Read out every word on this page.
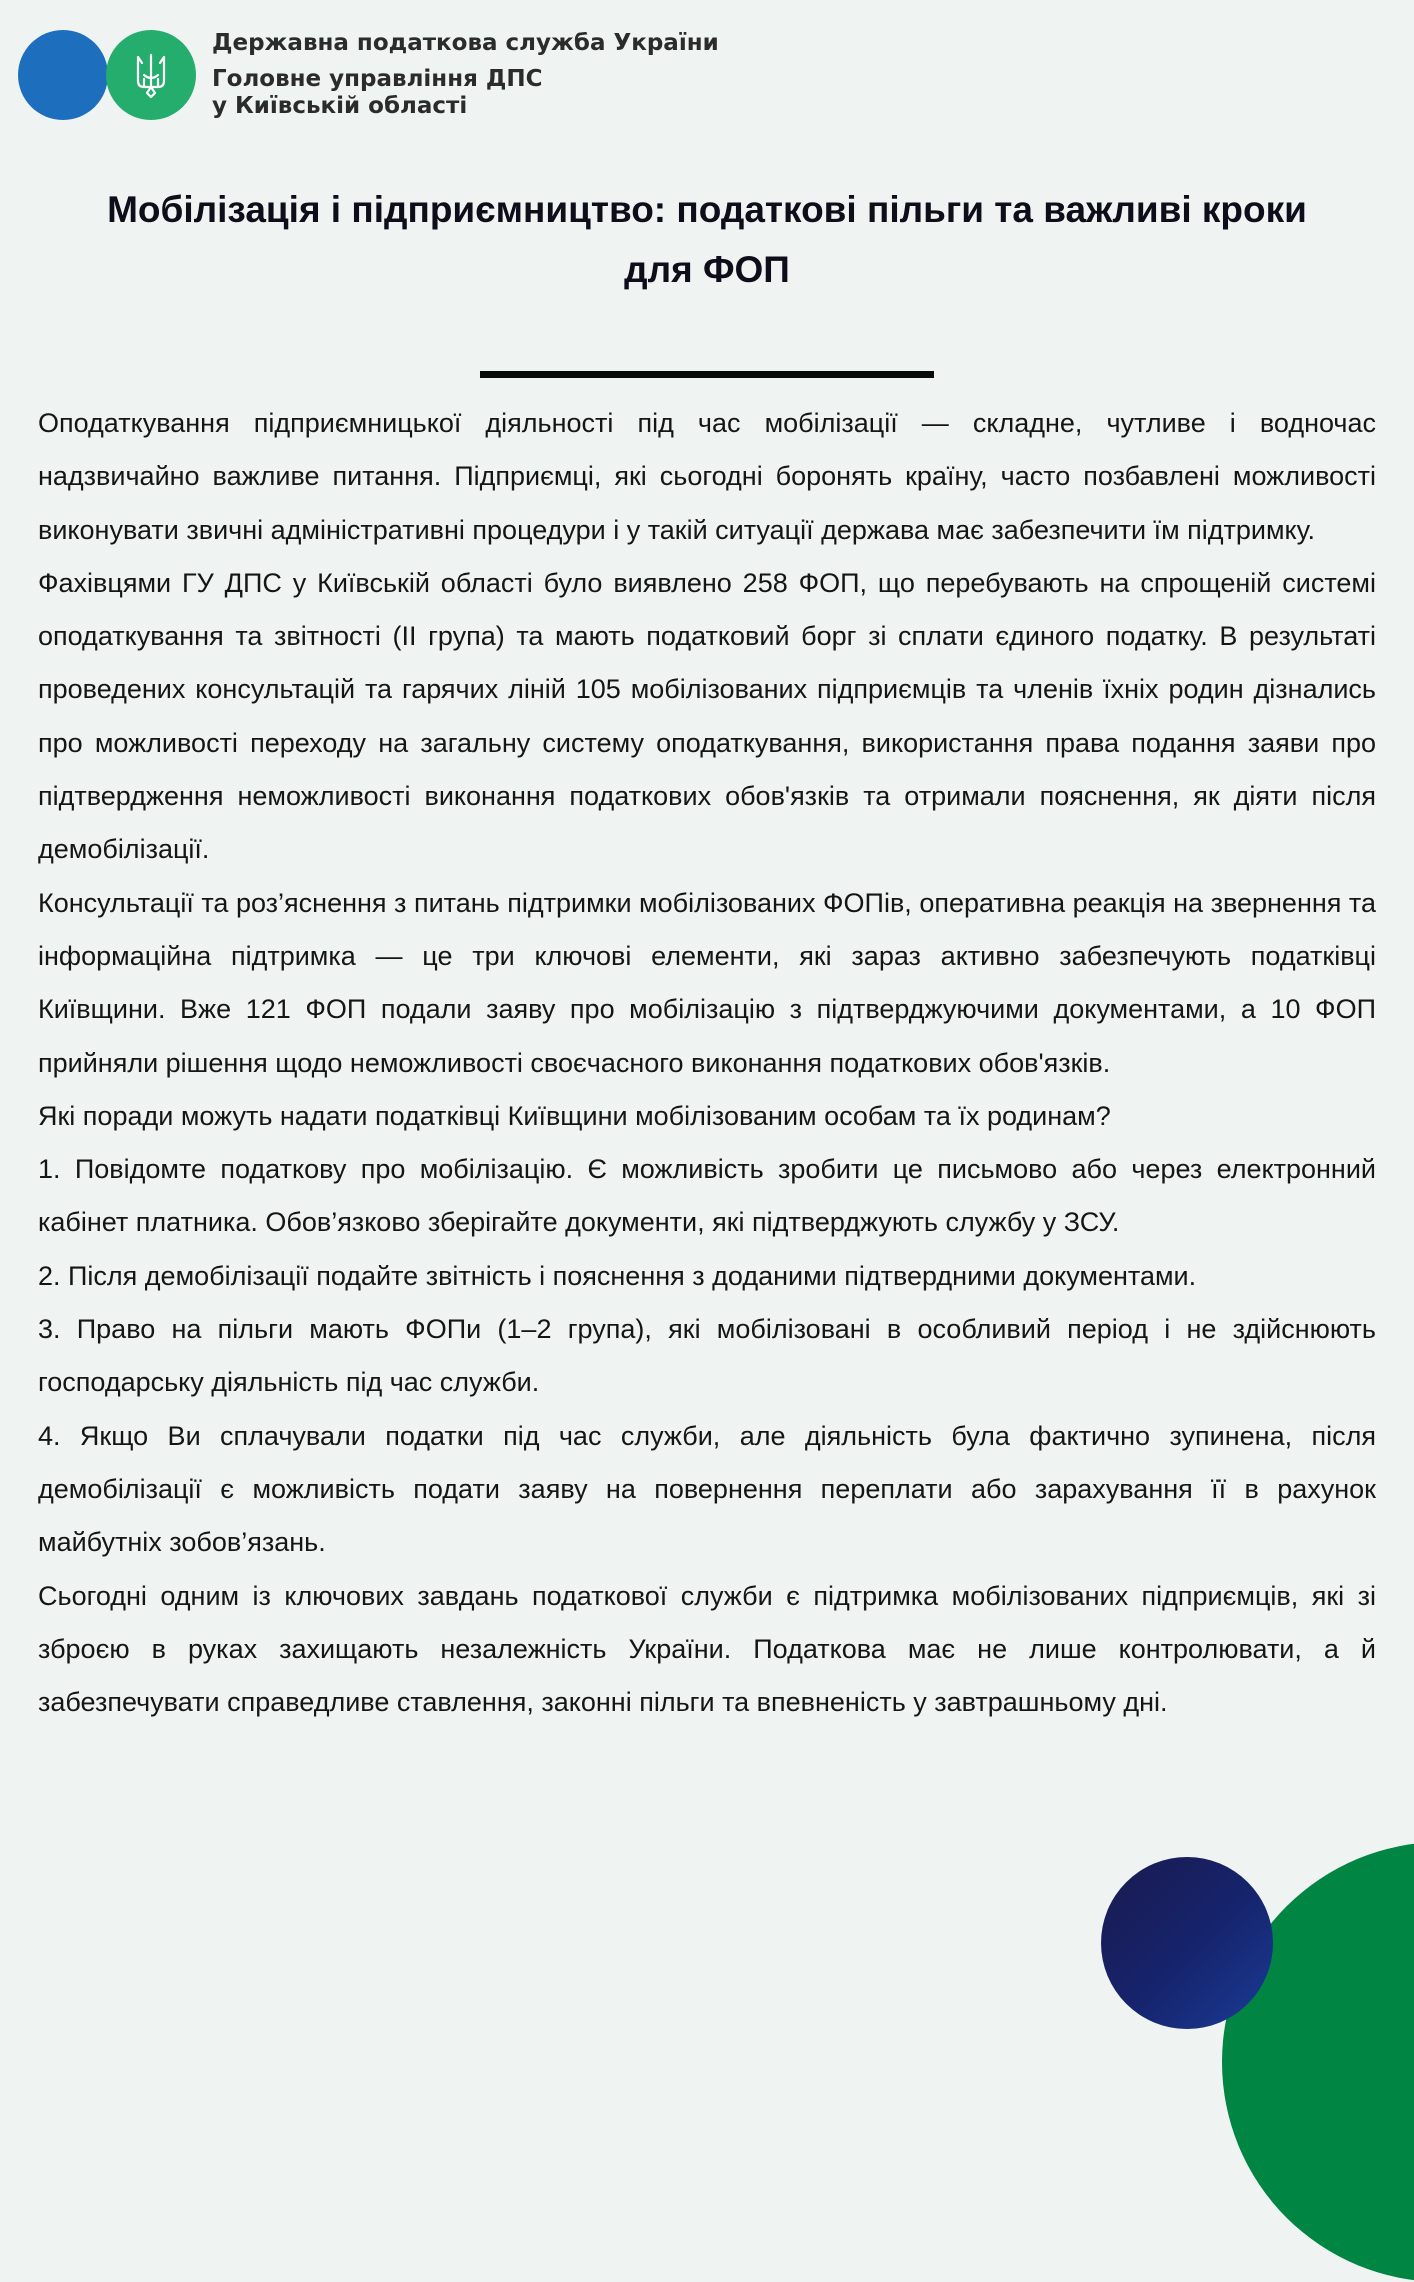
Державна податкова служба України
Головне управління ДПС
у Київській області
Мобілізація і підприємництво: податкові пільги та важливі кроки
для ФОП

Оподаткування підприємницької діяльності під час мобілізації — складне, чутливе і водночас надзвичайно важливе питання. Підприємці, які сьогодні боронять країну, часто позбавлені можливості виконувати звичні адміністративні процедури і у такій ситуації держава має забезпечити їм підтримку.

Фахівцями ГУ ДПС у Київській області було виявлено 258 ФОП, що перебувають на спрощеній системі оподаткування та звітності (ІІ група) та мають податковий борг зі сплати єдиного податку. В результаті проведених консультацій та гарячих ліній 105 мобілізованих підприємців та членів їхніх родин дізнались про можливості переходу на загальну систему оподаткування, використання права подання заяви про підтвердження неможливості виконання податкових обов'язків та отримали пояснення, як діяти після демобілізації.

Консультації та роз’яснення з питань підтримки мобілізованих ФОПів, оперативна реакція на звернення та інформаційна підтримка — це три ключові елементи, які зараз активно забезпечують податківці Київщини. Вже 121 ФОП подали заяву про мобілізацію з підтверджуючими документами, а 10 ФОП прийняли рішення щодо неможливості своєчасного виконання податкових обов'язків.

Які поради можуть надати податківці Київщини мобілізованим особам та їх родинам?

1. Повідомте податкову про мобілізацію. Є можливість зробити це письмово або через електронний кабінет платника. Обов’язково зберігайте документи, які підтверджують службу у ЗСУ.

2. Після демобілізації подайте звітність і пояснення з доданими підтвердними документами.

3. Право на пільги мають ФОПи (1–2 група), які мобілізовані в особливий період і не здійснюють господарську діяльність під час служби.

4. Якщо Ви сплачували податки під час служби, але діяльність була фактично зупинена, після демобілізації є можливість подати заяву на повернення переплати або зарахування її в рахунок майбутніх зобов’язань.

Сьогодні одним із ключових завдань податкової служби є підтримка мобілізованих підприємців, які зі зброєю в руках захищають незалежність України. Податкова має не лише контролювати, а й забезпечувати справедливе ставлення, законні пільги та впевненість у завтрашньому дні.
